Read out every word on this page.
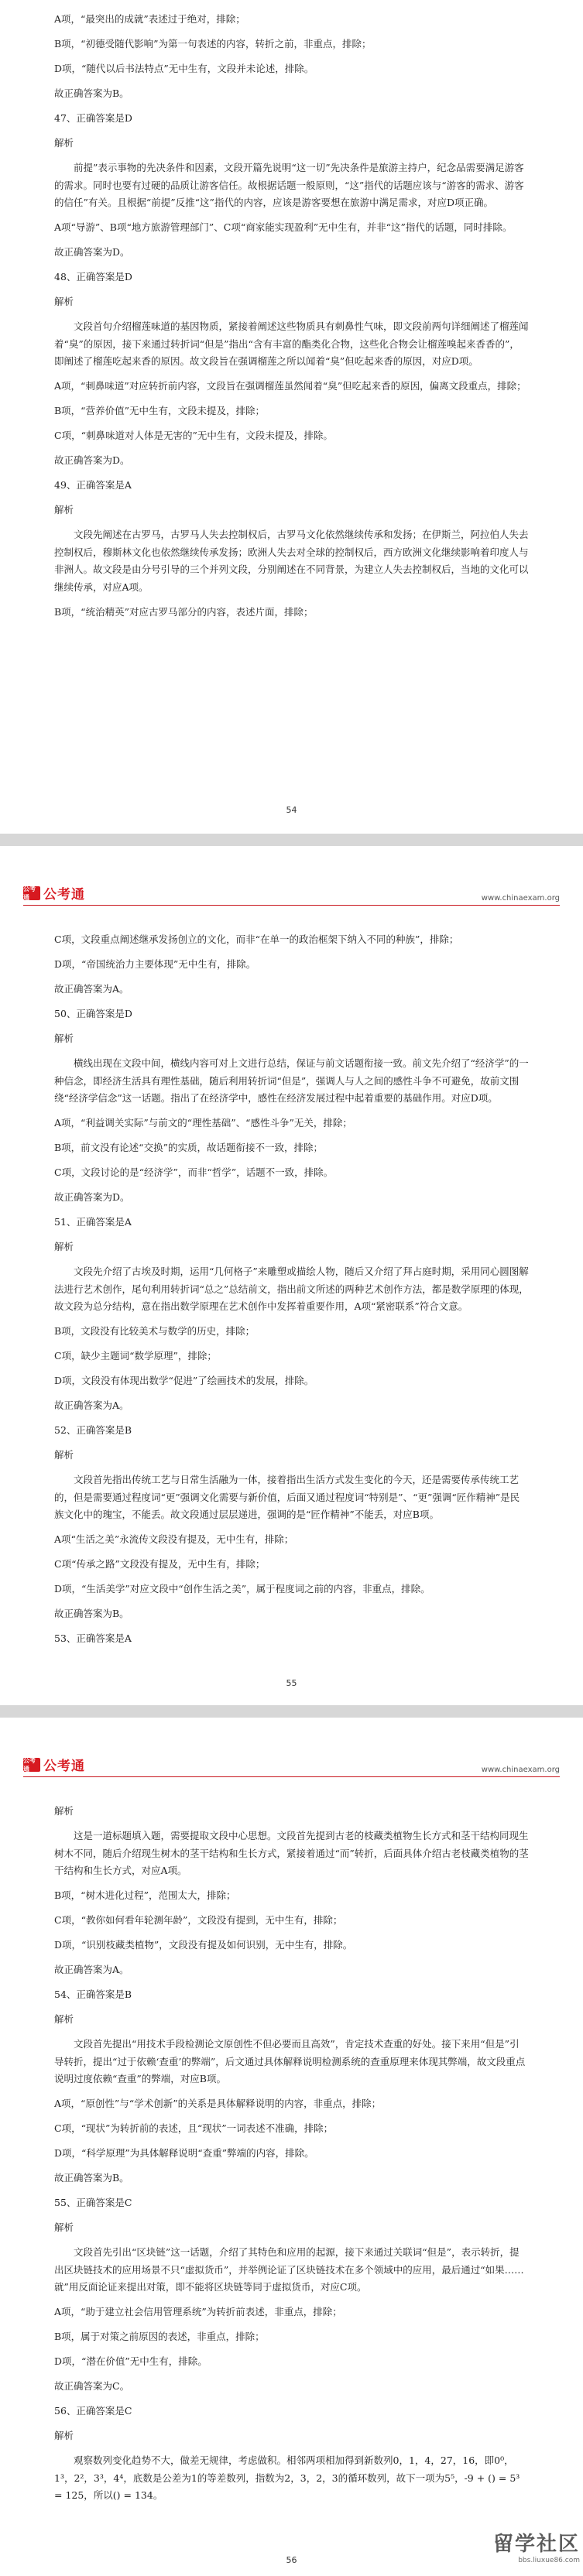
A项，“最突出的成就”表述过于绝对，排除；

B项，“初德受随代影响”为第一句表述的内容，转折之前，非重点，排除；

D项，“随代以后书法特点”无中生有，文段并未论述，排除。

故正确答案为B。

47、正确答案是D

解析

前提”表示事物的先决条件和因素，文段开篇先说明“这一切”先决条件是旅游主持户，纪念品需要满足游客的需求。同时也要有过硬的品质让游客信任。故根据话题一般原则，“这”指代的话题应该与“游客的需求、游客的信任”有关。且根据“前提”反推“这”指代的内容，应该是游客要想在旅游中满足需求，对应D项正确。

A项“导游”、B项“地方旅游管理部门”、C项“商家能实现盈利”无中生有，并非“这”指代的话题，同时排除。

故正确答案为D。

48、正确答案是D

解析

文段首句介绍榴莲味道的基因物质，紧接着阐述这些物质具有刺鼻性气味，即文段前两句详细阐述了榴莲闻着“臭”的原因，接下来通过转折词“但是”指出“含有丰富的酯类化合物，这些化合物会让榴莲嗅起来香香的”，即阐述了榴莲吃起来香的原因。故文段旨在强调榴莲之所以闻着“臭”但吃起来香的原因，对应D项。

A项，“刺鼻味道”对应转折前内容，文段旨在强调榴莲虽然闻着“臭”但吃起来香的原因，偏离文段重点，排除；

B项，“营养价值”无中生有，文段未提及，排除；

C项，“刺鼻味道对人体是无害的”无中生有，文段未提及，排除。

故正确答案为D。

49、正确答案是A

解析

文段先阐述在古罗马，古罗马人失去控制权后，古罗马文化依然继续传承和发扬；在伊斯兰，阿拉伯人失去控制权后，穆斯林文化也依然继续传承发扬；欧洲人失去对全球的控制权后，西方欧洲文化继续影响着印度人与非洲人。故文段是由分号引导的三个并列文段，分别阐述在不同背景，为建立人失去控制权后，当地的文化可以继续传承，对应A项。

B项，“统治精英”对应古罗马部分的内容，表述片面，排除；

54
公考通	公考通	www.chinaexam.org

C项，文段重点阐述继承发扬创立的文化，而非“在单一的政治框架下纳入不同的种族”，排除；

D项，“帝国统治力主要体现”无中生有，排除。

故正确答案为A。

50、正确答案是D

解析

横线出现在文段中间，横线内容可对上文进行总结，保证与前文话题衔接一致。前文先介绍了“经济学”的一种信念，即经济生活具有理性基础，随后利用转折词“但是”，强调人与人之间的感性斗争不可避免，故前文围绕“经济学信念”这一话题。指出了在经济学中，感性在经济发展过程中起着重要的基础作用。对应D项。

A项，“利益调关实际”与前文的“理性基础”、“感性斗争”无关，排除；

B项，前文没有论述“交换”的实质，故话题衔接不一致，排除；

C项，文段讨论的是“经济学”，而非“哲学”，话题不一致，排除。

故正确答案为D。

51、正确答案是A

解析

文段先介绍了古埃及时期，运用“几何格子”来雕塑或描绘人物，随后又介绍了拜占庭时期，采用同心圆图解法进行艺术创作，尾句利用转折词“总之”总结前文，指出前文所述的两种艺术创作方法，都是数学原理的体现，故文段为总分结构，意在指出数学原理在艺术创作中发挥着重要作用，A项“紧密联系”符合文意。

B项，文段没有比较美术与数学的历史，排除；

C项，缺少主题词“数学原理”，排除；

D项，文段没有体现出数学“促进”了绘画技术的发展，排除。

故正确答案为A。

52、正确答案是B

解析

文段首先指出传统工艺与日常生活融为一体，接着指出生活方式发生变化的今天，还是需要传承传统工艺的，但是需要通过程度词“更”强调文化需要与新价值，后面又通过程度词“特别是”、“更”强调“匠作精神”是民族文化中的瑰宝，不能丢。故文段通过层层递进，强调的是“匠作精神”不能丢，对应B项。

A项“生活之美”永流传文段没有提及，无中生有，排除；

C项“传承之路”文段没有提及，无中生有，排除；

D项，“生活美学”对应文段中“创作生活之美”，属于程度词之前的内容，非重点，排除。

故正确答案为B。

53、正确答案是A

55
公考通	公考通	www.chinaexam.org

解析

这是一道标题填入题，需要提取文段中心思想。文段首先提到古老的枝藏类植物生长方式和茎干结构同现生树木不同，随后介绍现生树木的茎干结构和生长方式，紧接着通过“而”转折，后面具体介绍古老枝藏类植物的茎干结构和生长方式，对应A项。

B项，“树木进化过程”，范围太大，排除；

C项，“教你如何看年轮测年龄”，文段没有提到，无中生有，排除；

D项，“识别枝藏类植物”，文段没有提及如何识别，无中生有，排除。

故正确答案为A。

54、正确答案是B

解析

文段首先提出“用技术手段检测论文原创性不但必要而且高效”，肯定技术查重的好处。接下来用“但是”引导转折，提出“过于依赖‘查重’的弊端”，后文通过具体解释说明检测系统的查重原理来体现其弊端，故文段重点说明过度依赖“查重”的弊端，对应B项。

A项，“原创性”与“学术创新”的关系是具体解释说明的内容，非重点，排除；

C项，“现状”为转折前的表述，且“现状”一词表述不准确，排除；

D项，“科学原理”为具体解释说明“查重”弊端的内容，排除。

故正确答案为B。

55、正确答案是C

解析

文段首先引出“区块链”这一话题，介绍了其特色和应用的起源，接下来通过关联词“但是”，表示转折，提出区块链技术的应用场景不只“虚拟货币”，并举例论证了区块链技术在多个领域中的应用，最后通过“如果……就”用反面论证来提出对策，即不能将区块链等同于虚拟货币，对应C项。

A项，“助于建立社会信用管理系统”为转折前表述，非重点，排除；

B项，属于对策之前原因的表述，非重点，排除；

D项，“潜在价值”无中生有，排除。

故正确答案为C。

56、正确答案是C

解析

观察数列变化趋势不大，做差无规律，考虑做积。相邻两项相加得到新数列0，1，4，27，16，即0⁰，1³，2²，3³，4⁴，底数是公差为1的等差数列，指数为2，3，2，3的循环数列，故下一项为5⁵，-9 + () = 5³ = 125，所以() = 134。

56
留学社区
bbs.liuxue86.com
